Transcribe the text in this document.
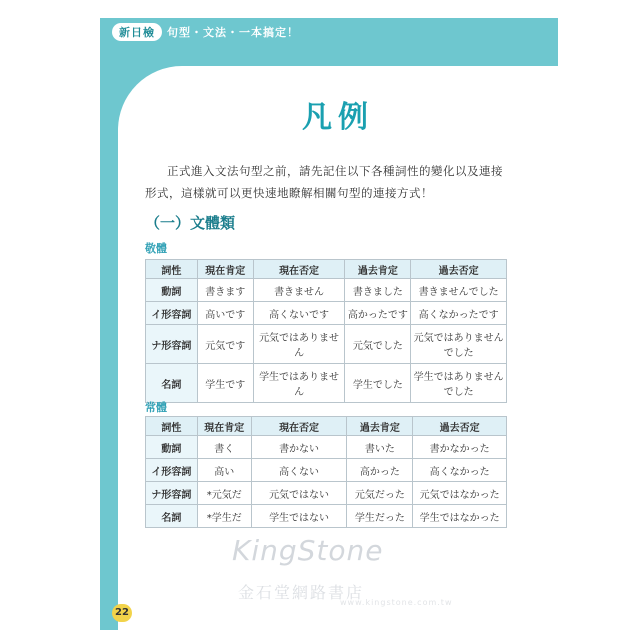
新日檢	句型・文法・一本搞定！
凡例

正式進入文法句型之前，請先記住以下各種詞性的變化以及連接

形式，這樣就可以更快速地瞭解相關句型的連接方式！

（一）文體類
敬體
詞性	現在肯定	現在否定	過去肯定	過去否定
動詞	書きます	書きません	書きました	書きませんでした
イ形容詞	高いです	高くないです	高かったです	高くなかったです
ナ形容詞	元気です	元気ではありません	元気でした	元気ではありませんでした
名詞	学生です	学生ではありません	学生でした	学生ではありませんでした
常體
詞性	現在肯定	現在否定	過去肯定	過去否定
動詞	書く	書かない	書いた	書かなかった
イ形容詞	高い	高くない	高かった	高くなかった
ナ形容詞	*元気だ	元気ではない	元気だった	元気ではなかった
名詞	*学生だ	学生ではない	学生だった	学生ではなかった
KingStone
金石堂網路書店
www.kingstone.com.tw
22
